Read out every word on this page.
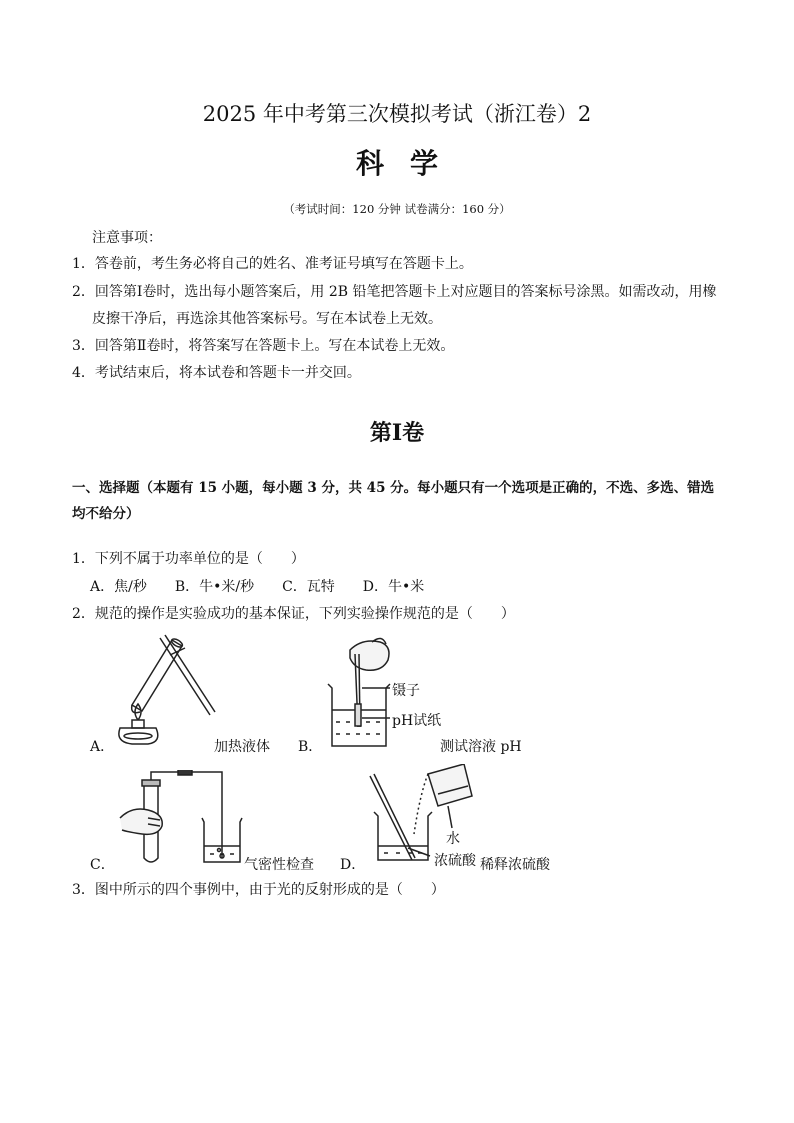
2025 年中考第三次模拟考试（浙江卷）2
科学
（考试时间：120 分钟 试卷满分：160 分）
注意事项：
1．答卷前，考生务必将自己的姓名、准考证号填写在答题卡上。
2．回答第Ⅰ卷时，选出每小题答案后，用 2B 铅笔把答题卡上对应题目的答案标号涂黑。如需改动，用橡
皮擦干净后，再选涂其他答案标号。写在本试卷上无效。
3．回答第Ⅱ卷时，将答案写在答题卡上。写在本试卷上无效。
4．考试结束后，将本试卷和答题卡一并交回。
第Ⅰ卷
一、选择题（本题有 15 小题，每小题 3 分，共 45 分。每小题只有一个选项是正确的，不选、多选、错选
均不给分）
1．下列不属于功率单位的是（　　）
A．焦/秒　　B．牛•米/秒　　C．瓦特　　D．牛•米
2．规范的操作是实验成功的基本保证，下列实验操作规范的是（　　）
A．	加热液体
镊子
pH试纸
B．	测试溶液 pH
C．	气密性检查
水
浓硫酸 稀释浓硫酸
D．
3．图中所示的四个事例中，由于光的反射形成的是（　　）
